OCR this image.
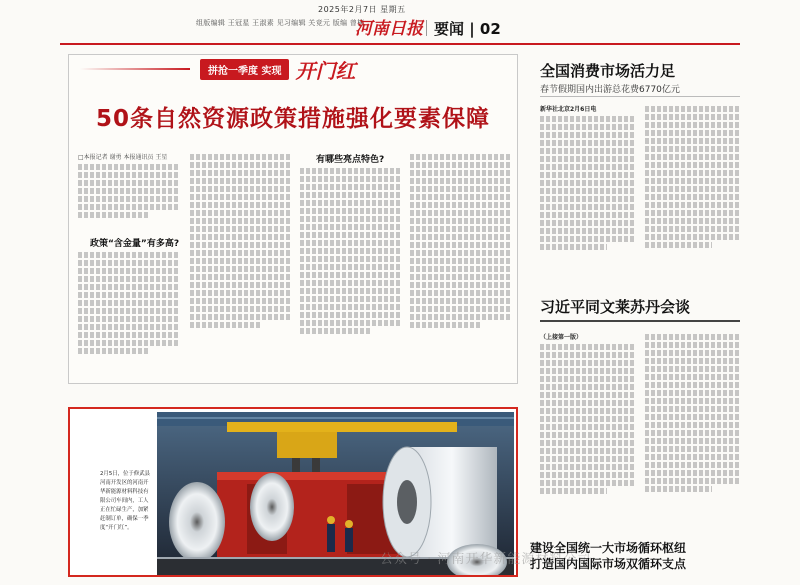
2025年2月7日 星期五
组版编辑 王冠星 王淑素 见习编辑 关竞元 版编 曾楠
河南日报 要闻 | 02
拼抢一季度 实现 开门红
50条自然资源政策措施强化要素保障
□本报记者 谢勇 本报通讯员 王星
政策“含金量”有多高?
有哪些亮点特色?
2月5日，位于修武县河南开发区的河南开华新能源材料科技有限公司车间内，工人正在忙碌生产，加紧赶制订单，确保一季度“开门红”。
全国消费市场活力足
春节假期国内出游总花费6770亿元
新华社北京2月6日电
习近平同文莱苏丹会谈
（上接第一版）
公众号 · 河南开华新能源材料公司
建设全国统一大市场循环枢纽
打造国内国际市场双循环支点
